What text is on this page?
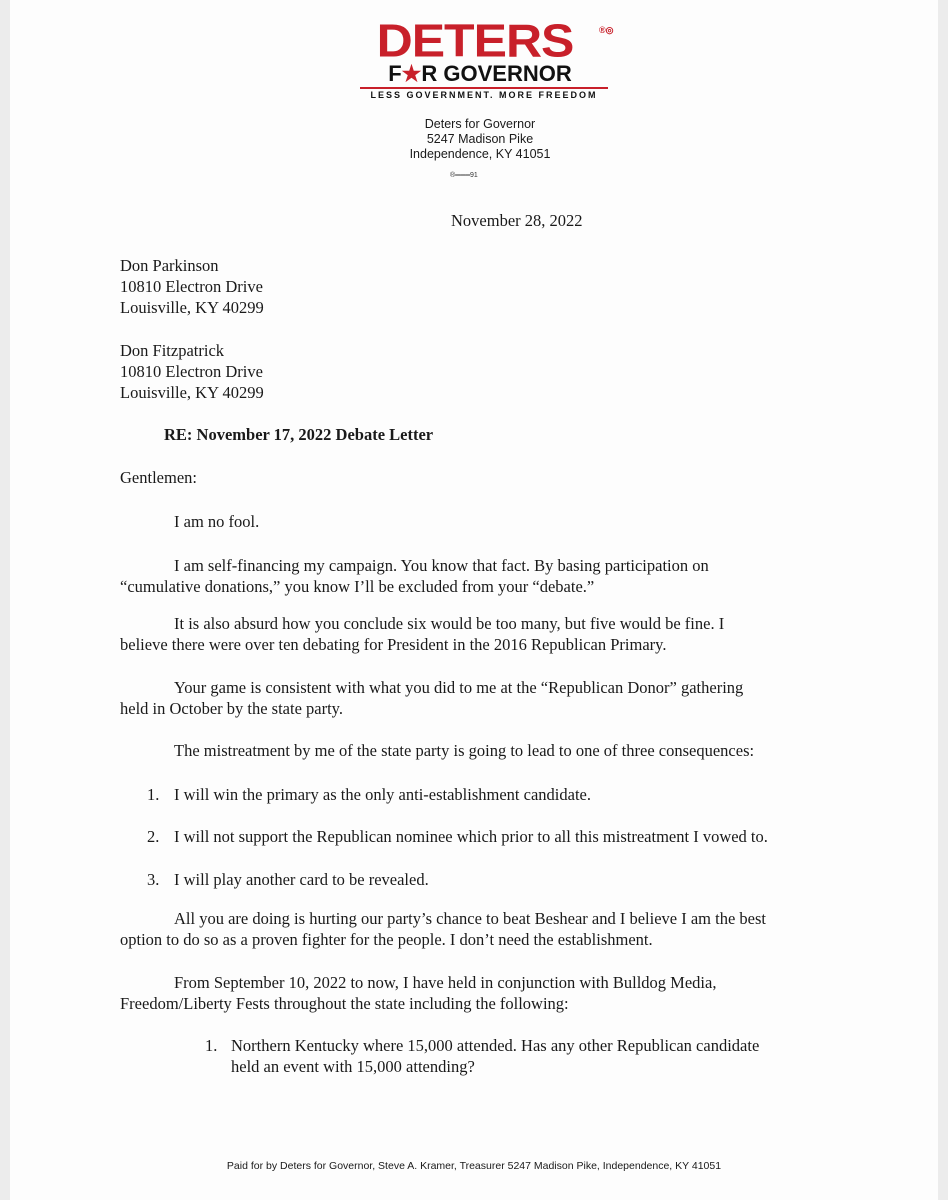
DETERS	®◎
F★R GOVERNOR
LESS GOVERNMENT. MORE FREEDOM
Deters for Governor
5247 Madison Pike
Independence, KY 41051
®═══91
November 28, 2022
Don Parkinson
10810 Electron Drive
Louisville, KY 40299
Don Fitzpatrick
10810 Electron Drive
Louisville, KY 40299
RE: November 17, 2022 Debate Letter
Gentlemen:
I am no fool.
I am self-financing my campaign. You know that fact. By basing participation on
“cumulative donations,” you know I’ll be excluded from your “debate.”
It is also absurd how you conclude six would be too many, but five would be fine. I
believe there were over ten debating for President in the 2016 Republican Primary.
Your game is consistent with what you did to me at the “Republican Donor” gathering
held in October by the state party.
The mistreatment by me of the state party is going to lead to one of three consequences:
1. I will win the primary as the only anti-establishment candidate.
2. I will not support the Republican nominee which prior to all this mistreatment I vowed to.
3. I will play another card to be revealed.
All you are doing is hurting our party’s chance to beat Beshear and I believe I am the best
option to do so as a proven fighter for the people. I don’t need the establishment.
From September 10, 2022 to now, I have held in conjunction with Bulldog Media,
Freedom/Liberty Fests throughout the state including the following:
1. Northern Kentucky where 15,000 attended. Has any other Republican candidate
held an event with 15,000 attending?
Paid for by Deters for Governor, Steve A. Kramer, Treasurer 5247 Madison Pike, Independence, KY 41051
